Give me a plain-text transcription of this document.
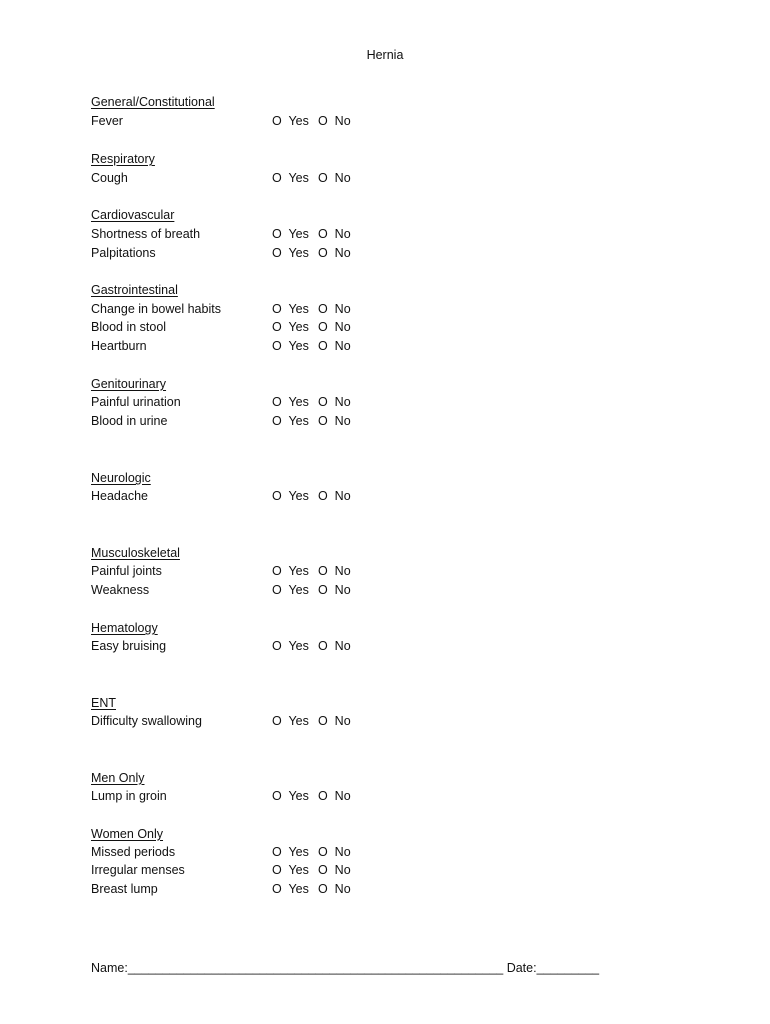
Hernia
General/Constitutional
Fever	O  Yes O  No
Respiratory
Cough	O  Yes O  No
Cardiovascular
Shortness of breath	O  Yes O  No
Palpitations	O  Yes O  No
Gastrointestinal
Change in bowel habits	O  Yes O  No
Blood in stool	O  Yes O  No
Heartburn	O  Yes O  No
Genitourinary
Painful urination	O  Yes O  No
Blood in urine	O  Yes O  No
Neurologic
Headache	O  Yes O  No
Musculoskeletal
Painful joints	O  Yes O  No
Weakness	O  Yes O  No
Hematology
Easy bruising	O  Yes O  No
ENT
Difficulty swallowing	O  Yes O  No
Men Only
Lump in groin	O  Yes O  No
Women Only
Missed periods	O  Yes O  No
Irregular menses	O  Yes O  No
Breast lump	O  Yes O  No
Name:______________________________________________________ Date:_________
